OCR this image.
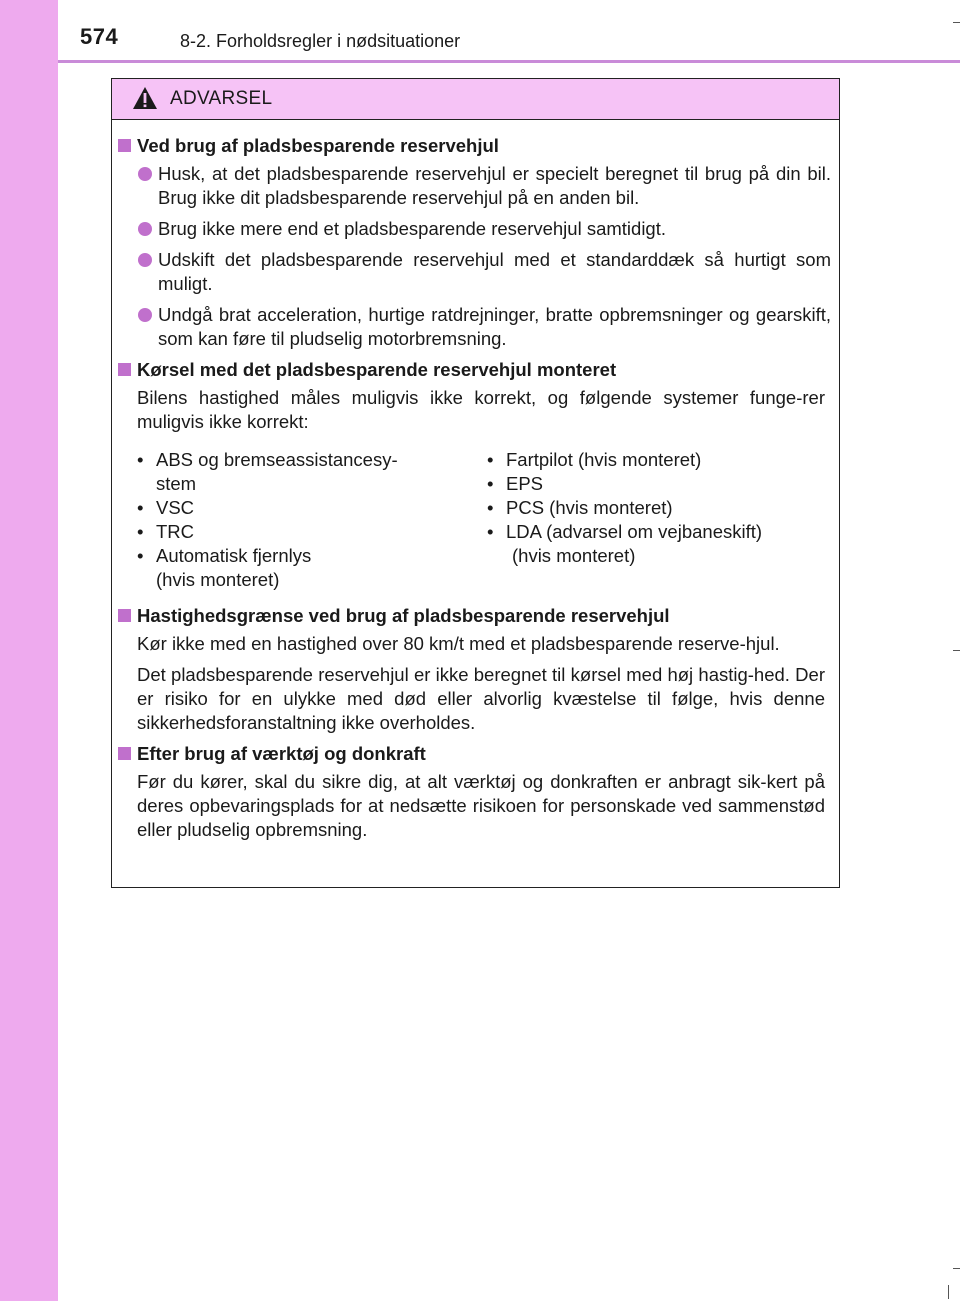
574	8-2. Forholdsregler i nødsituationer
ADVARSEL
Ved brug af pladsbesparende reservehjul
Husk, at det pladsbesparende reservehjul er specielt beregnet til brug på din bil. Brug ikke dit pladsbesparende reservehjul på en anden bil.
Brug ikke mere end et pladsbesparende reservehjul samtidigt.
Udskift det pladsbesparende reservehjul med et standarddæk så hurtigt som muligt.
Undgå brat acceleration, hurtige ratdrejninger, bratte opbremsninger og gearskift, som kan føre til pludselig motorbremsning.
Kørsel med det pladsbesparende reservehjul monteret
Bilens hastighed måles muligvis ikke korrekt, og følgende systemer funge-rer muligvis ikke korrekt:
• ABS og bremseassistancesy-
stem
• VSC
• TRC
• Automatisk fjernlys
(hvis monteret)
• Fartpilot (hvis monteret)
• EPS
• PCS (hvis monteret)
• LDA (advarsel om vejbaneskift)
(hvis monteret)
Hastighedsgrænse ved brug af pladsbesparende reservehjul
Kør ikke med en hastighed over 80 km/t med et pladsbesparende reserve-hjul.
Det pladsbesparende reservehjul er ikke beregnet til kørsel med høj hastig-hed. Der er risiko for en ulykke med død eller alvorlig kvæstelse til følge, hvis denne sikkerhedsforanstaltning ikke overholdes.
Efter brug af værktøj og donkraft
Før du kører, skal du sikre dig, at alt værktøj og donkraften er anbragt sik-kert på deres opbevaringsplads for at nedsætte risikoen for personskade ved sammenstød eller pludselig opbremsning.
